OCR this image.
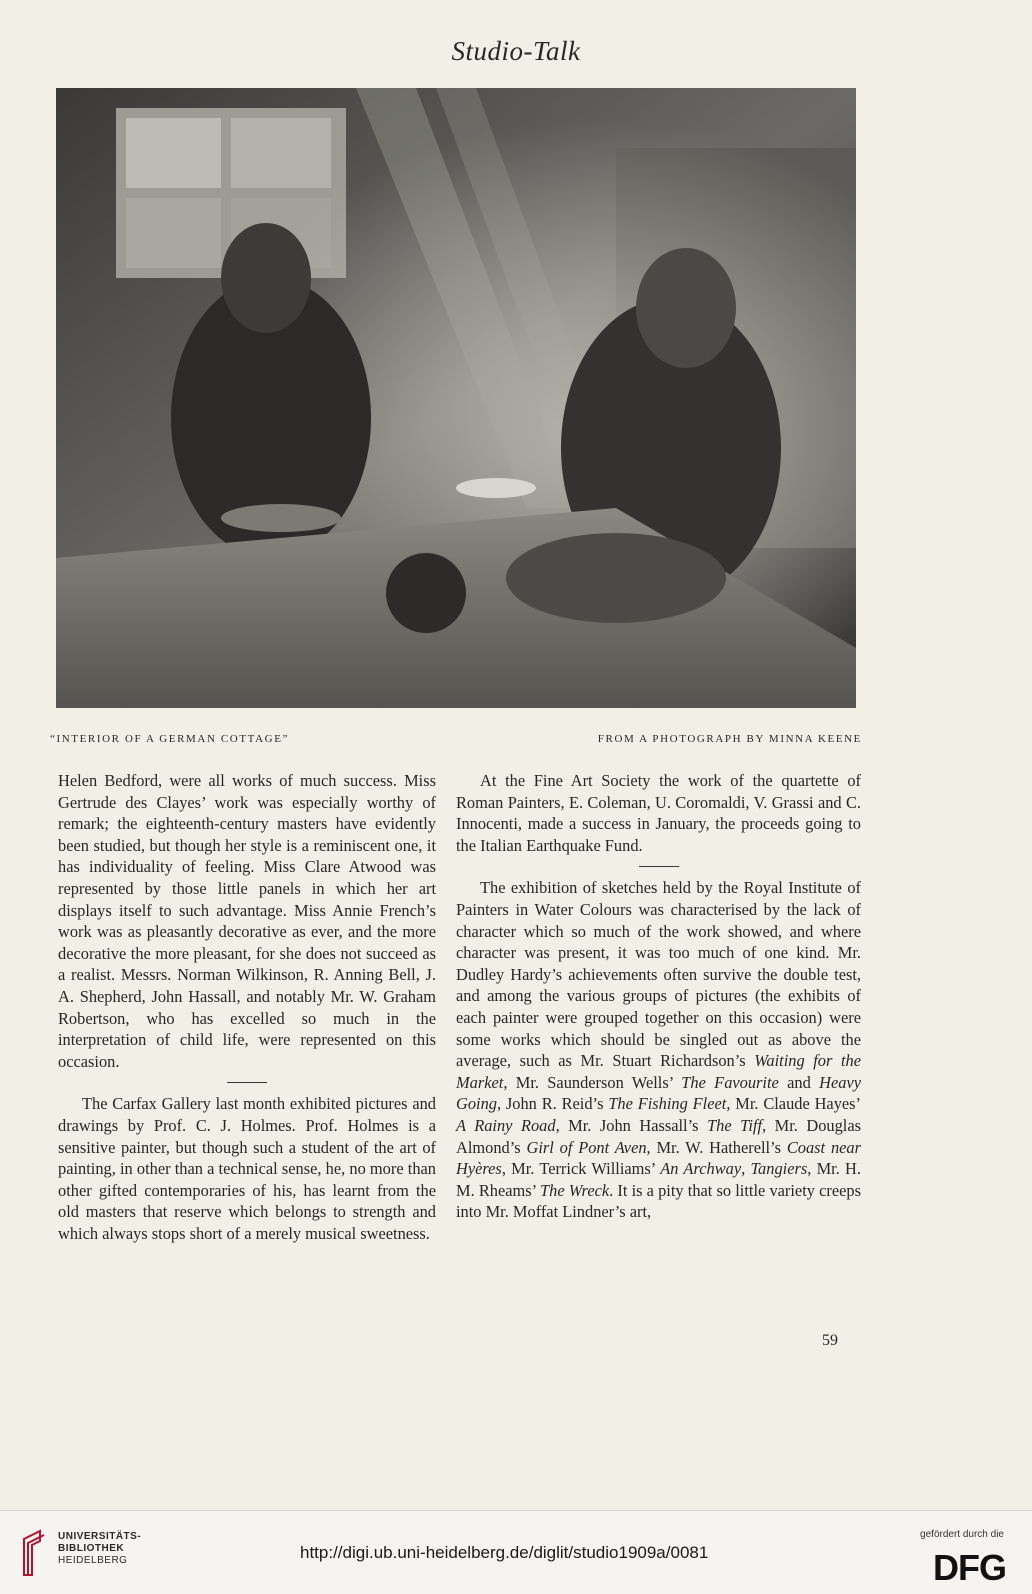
Studio-Talk
“INTERIOR OF A GERMAN COTTAGE”	FROM A PHOTOGRAPH BY MINNA KEENE

Helen Bedford, were all works of much success. Miss Gertrude des Clayes’ work was especially worthy of remark; the eighteenth-century masters have evidently been studied, but though her style is a reminiscent one, it has individuality of feeling. Miss Clare Atwood was represented by those little panels in which her art displays itself to such advantage. Miss Annie French’s work was as pleasantly decorative as ever, and the more decorative the more pleasant, for she does not succeed as a realist. Messrs. Norman Wilkinson, R. Anning Bell, J. A. Shepherd, John Hassall, and notably Mr. W. Graham Robertson, who has excelled so much in the interpretation of child life, were represented on this occasion.

The Carfax Gallery last month exhibited pictures and drawings by Prof. C. J. Holmes. Prof. Holmes is a sensitive painter, but though such a student of the art of painting, in other than a technical sense, he, no more than other gifted contemporaries of his, has learnt from the old masters that reserve which belongs to strength and which always stops short of a merely musical sweetness.

At the Fine Art Society the work of the quartette of Roman Painters, E. Coleman, U. Coromaldi, V. Grassi and C. Innocenti, made a success in January, the proceeds going to the Italian Earthquake Fund.

The exhibition of sketches held by the Royal Institute of Painters in Water Colours was characterised by the lack of character which so much of the work showed, and where character was present, it was too much of one kind. Mr. Dudley Hardy’s achievements often survive the double test, and among the various groups of pictures (the exhibits of each painter were grouped together on this occasion) were some works which should be singled out as above the average, such as Mr. Stuart Richardson’s Waiting for the Market, Mr. Saunderson Wells’ The Favourite and Heavy Going, John R. Reid’s The Fishing Fleet, Mr. Claude Hayes’ A Rainy Road, Mr. John Hassall’s The Tiff, Mr. Douglas Almond’s Girl of Pont Aven, Mr. W. Hatherell’s Coast near Hyères, Mr. Terrick Williams’ An Archway, Tangiers, Mr. H. M. Rheams’ The Wreck. It is a pity that so little variety creeps into Mr. Moffat Lindner’s art,

59
UNIVERSITÄTS-
BIBLIOTHEK
HEIDELBERG	http://digi.ub.uni-heidelberg.de/diglit/studio1909a/0081
gefördert durch die
DFG
